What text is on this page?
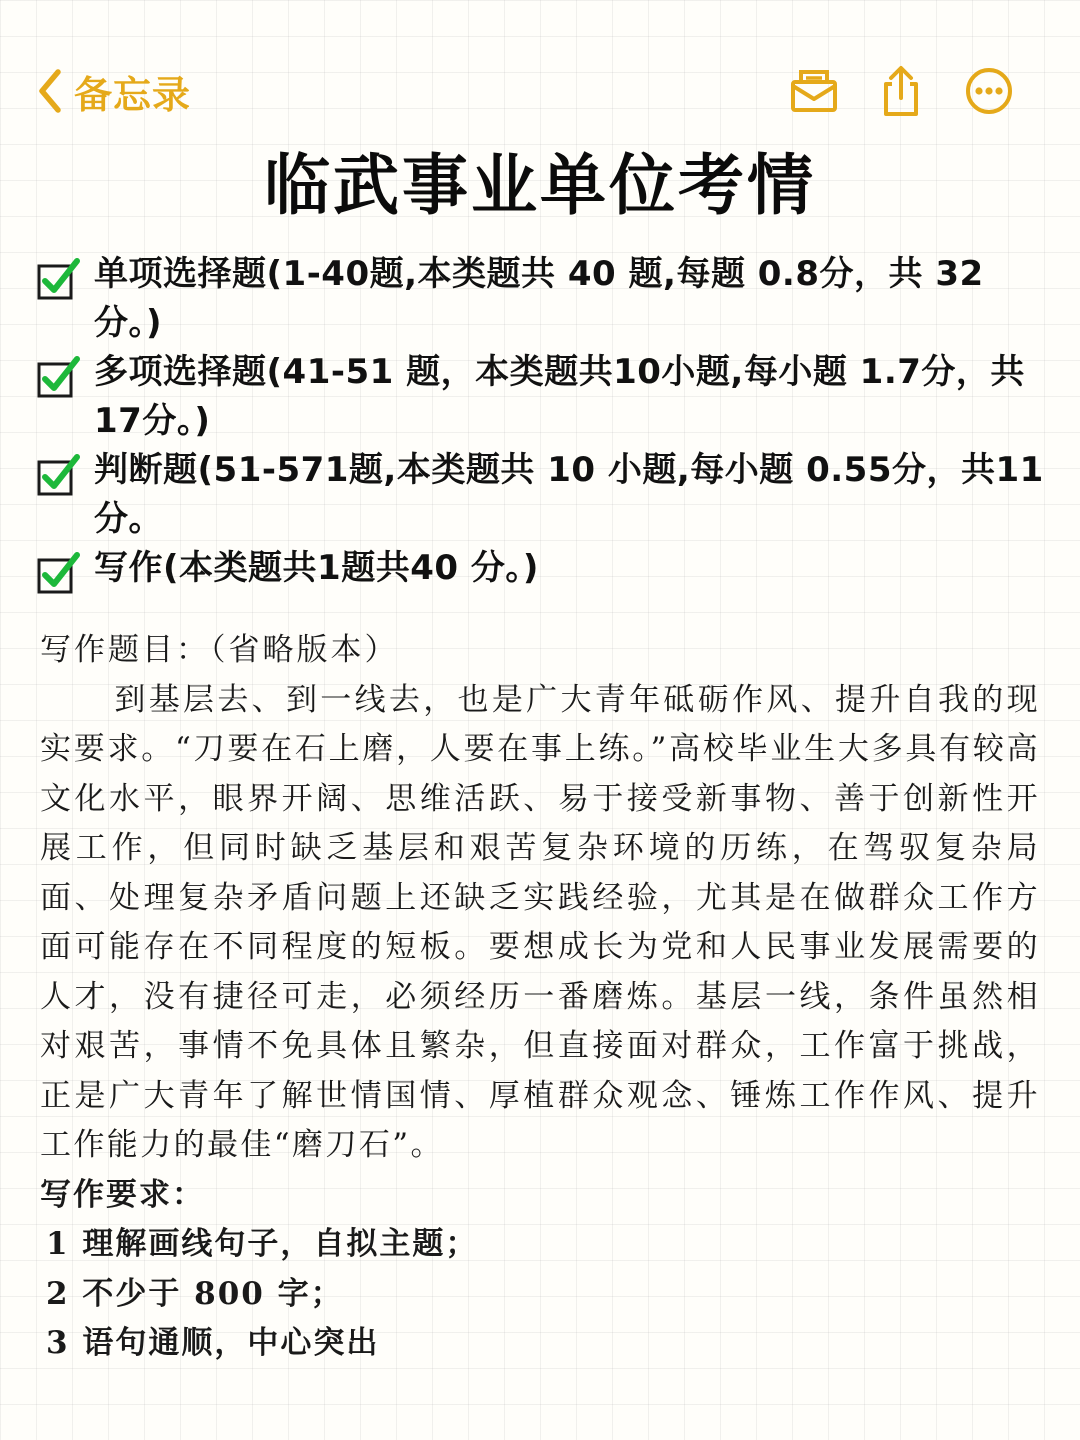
备忘录
临武事业单位考情
单项选择题(1-40题,本类题共 40 题,每题 0.8分，共 32分。)
多项选择题(41-51 题，本类题共10小题,每小题 1.7分，共17分。)
判断题(51-571题,本类题共 10 小题,每小题 0.55分，共11分。
写作(本类题共1题共40 分。)

写作题目：（省略版本）

到基层去、到一线去，也是广大青年砥砺作风、提升自我的现实要求。“刀要在石上磨，人要在事上练。”高校毕业生大多具有较高文化水平，眼界开阔、思维活跃、易于接受新事物、善于创新性开展工作，但同时缺乏基层和艰苦复杂环境的历练，在驾驭复杂局面、处理复杂矛盾问题上还缺乏实践经验，尤其是在做群众工作方面可能存在不同程度的短板。要想成长为党和人民事业发展需要的人才，没有捷径可走，必须经历一番磨炼。基层一线，条件虽然相对艰苦，事情不免具体且繁杂，但直接面对群众，工作富于挑战，正是广大青年了解世情国情、厚植群众观念、锤炼工作作风、提升工作能力的最佳“磨刀石”。

写作要求：

1 理解画线句子，自拟主题；
2 不少于 800 字；
3 语句通顺，中心突出
